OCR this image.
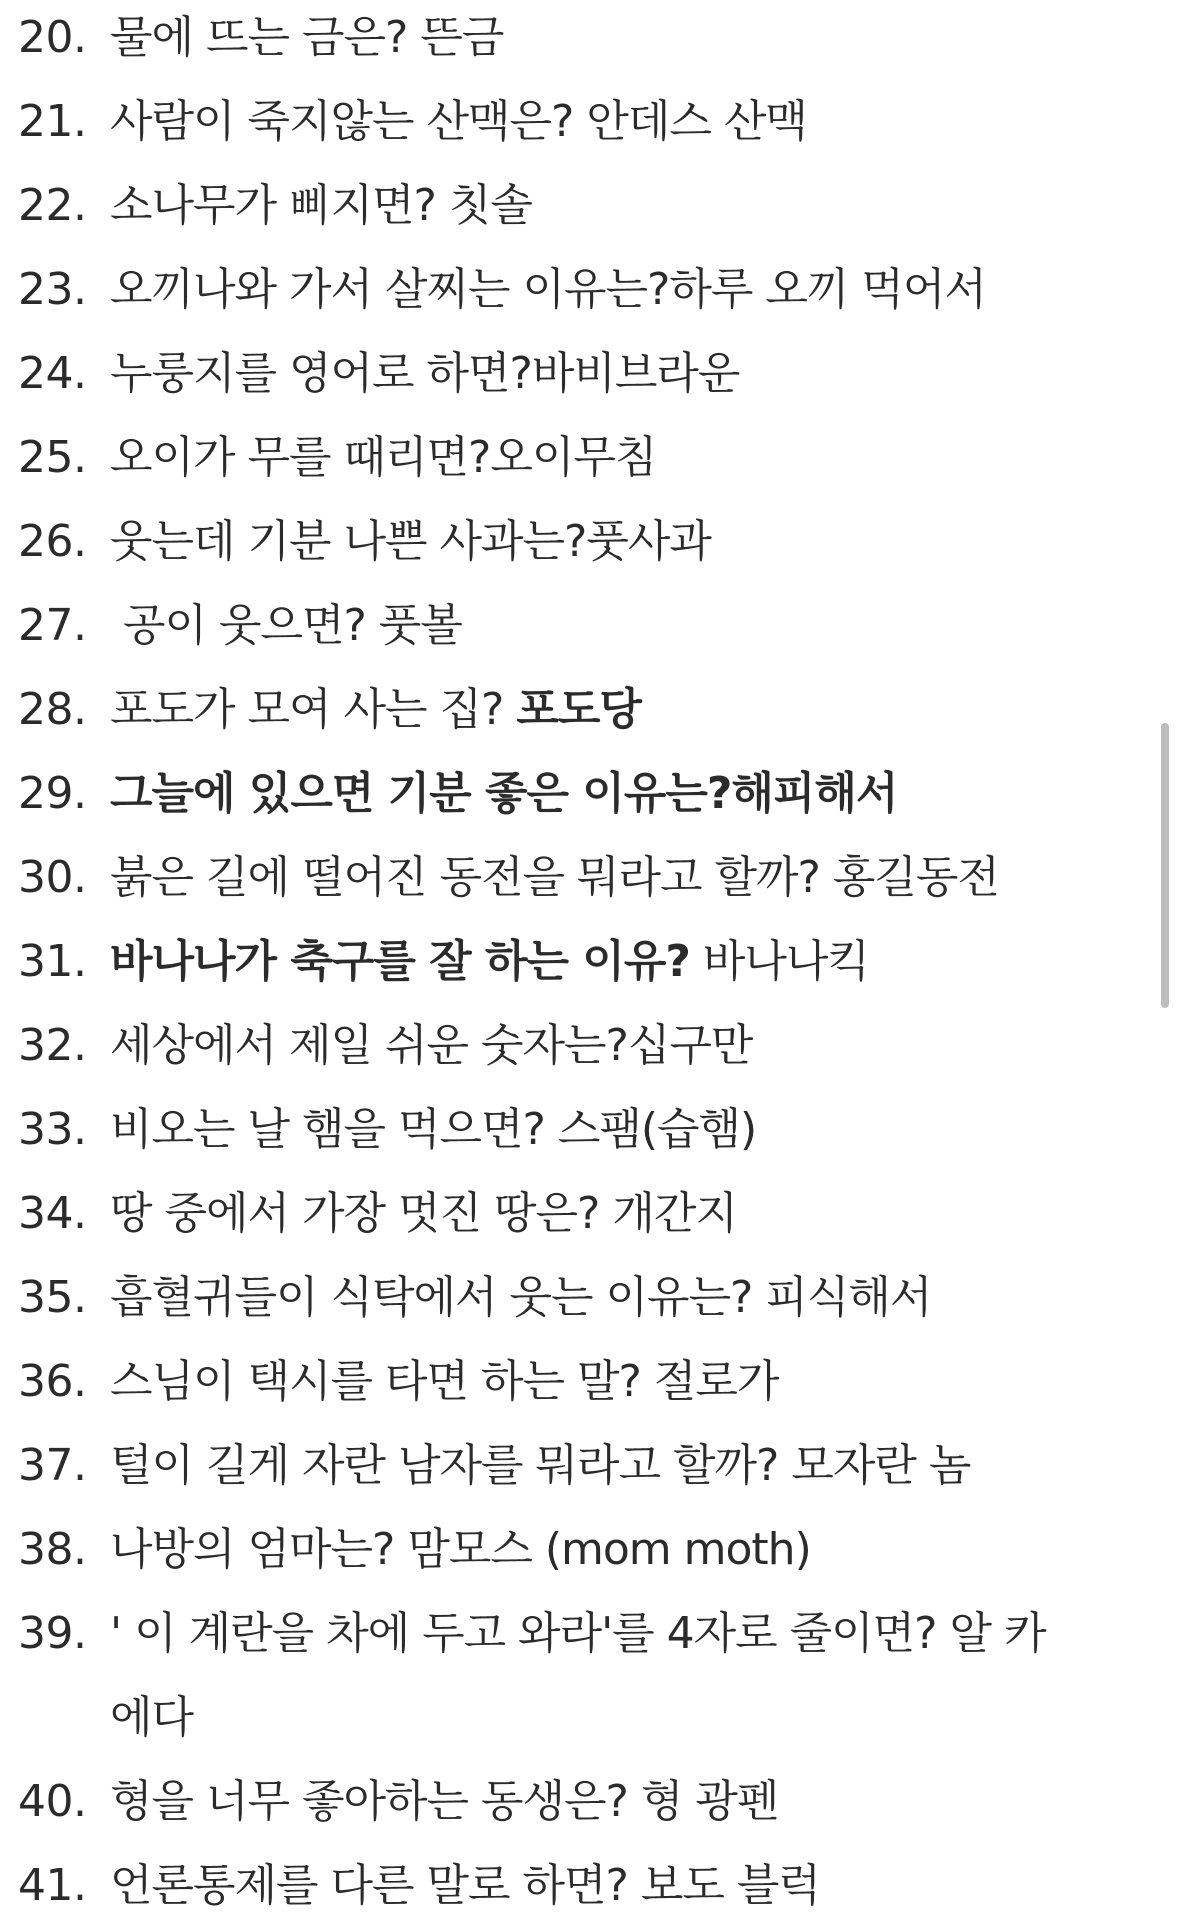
20. 물에 뜨는 금은? 뜬금
21. 사람이 죽지않는 산맥은? 안데스 산맥
22. 소나무가 삐지면? 칫솔
23. 오끼나와 가서 살찌는 이유는?하루 오끼 먹어서
24. 누룽지를 영어로 하면?바비브라운
25. 오이가 무를 때리면?오이무침
26. 웃는데 기분 나쁜 사과는?풋사과
27. 공이 웃으면? 풋볼
28. 포도가 모여 사는 집? 포도당
29. 그늘에 있으면 기분 좋은 이유는?해피해서
30. 붉은 길에 떨어진 동전을 뭐라고 할까? 홍길동전
31. 바나나가 축구를 잘 하는 이유? 바나나킥
32. 세상에서 제일 쉬운 숫자는?십구만
33. 비오는 날 햄을 먹으면? 스팸(습햄)
34. 땅 중에서 가장 멋진 땅은? 개간지
35. 흡혈귀들이 식탁에서 웃는 이유는? 피식해서
36. 스님이 택시를 타면 하는 말? 절로가
37. 털이 길게 자란 남자를 뭐라고 할까? 모자란 놈
38. 나방의 엄마는? 맘모스 (mom moth)
39. ' 이 계란을 차에 두고 와라'를 4자로 줄이면? 알 카 에다
40. 형을 너무 좋아하는 동생은? 형 광펜
41. 언론통제를 다른 말로 하면? 보도 블럭
